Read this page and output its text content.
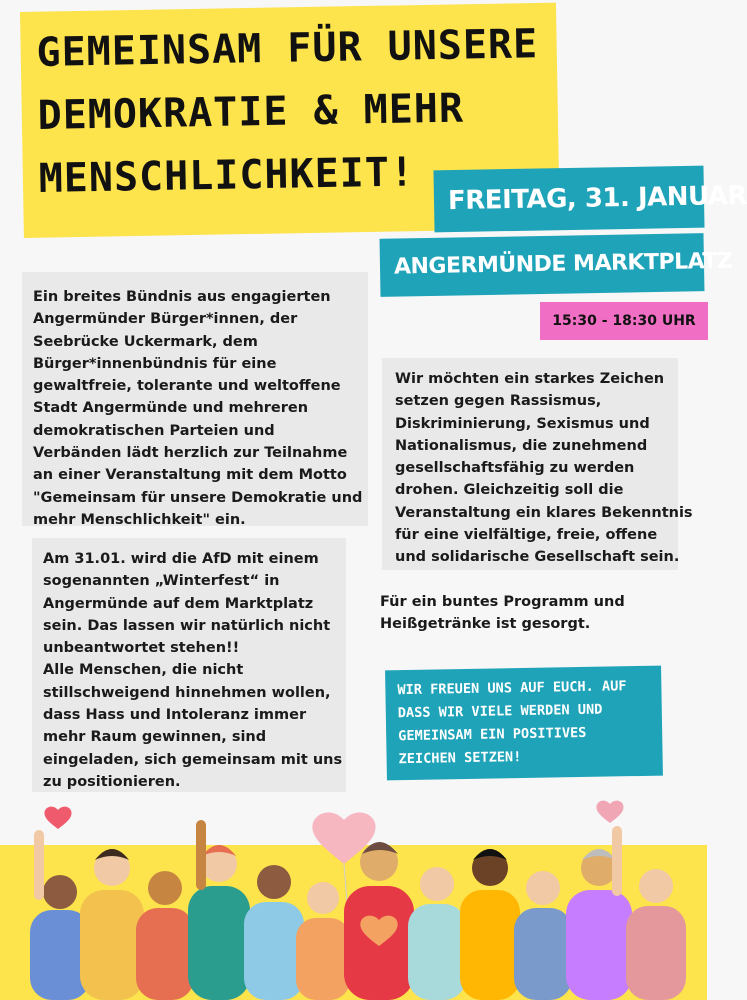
GEMEINSAM FÜR UNSERE
DEMOKRATIE & MEHR
MENSCHLICHKEIT!	FREITAG, 31. JANUAR
ANGERMÜNDE MARKTPLATZ
15:30 - 18:30 UHR
Ein breites Bündnis aus engagierten
Angermünder Bürger*innen, der
Seebrücke Uckermark, dem
Bürger*innenbündnis für eine
gewaltfreie, tolerante und weltoffene
Stadt Angermünde und mehreren
demokratischen Parteien und
Verbänden lädt herzlich zur Teilnahme
an einer Veranstaltung mit dem Motto
"Gemeinsam für unsere Demokratie und
mehr Menschlichkeit" ein.
Am 31.01. wird die AfD mit einem
sogenannten „Winterfest“ in
Angermünde auf dem Marktplatz
sein. Das lassen wir natürlich nicht
unbeantwortet stehen!!
Alle Menschen, die nicht
stillschweigend hinnehmen wollen,
dass Hass und Intoleranz immer
mehr Raum gewinnen, sind
eingeladen, sich gemeinsam mit uns
zu positionieren.
Wir möchten ein starkes Zeichen
setzen gegen Rassismus,
Diskriminierung, Sexismus und
Nationalismus, die zunehmend
gesellschaftsfähig zu werden
drohen. Gleichzeitig soll die
Veranstaltung ein klares Bekenntnis
für eine vielfältige, freie, offene
und solidarische Gesellschaft sein.
Für ein buntes Programm und
Heißgetränke ist gesorgt.
WIR FREUEN UNS AUF EUCH. AUF
DASS WIR VIELE WERDEN UND
GEMEINSAM EIN POSITIVES
ZEICHEN SETZEN!
